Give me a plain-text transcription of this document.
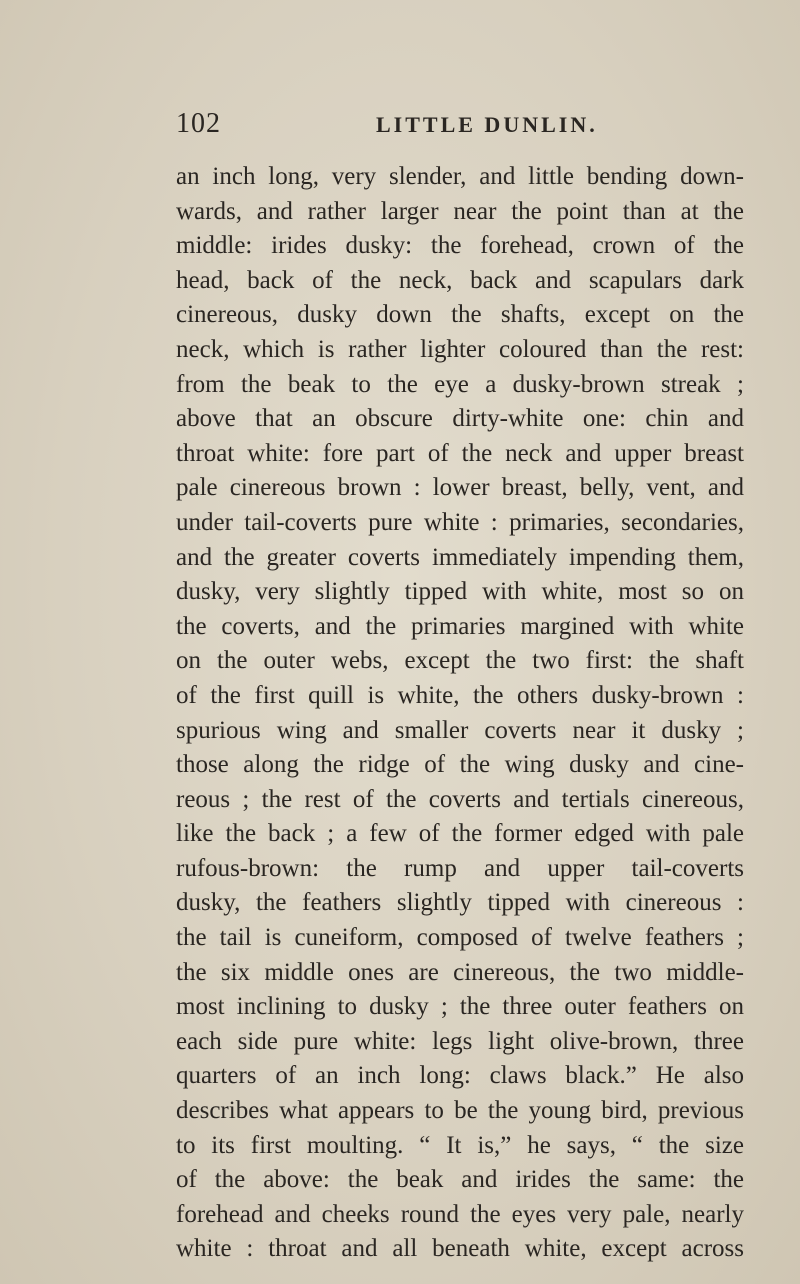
102	LITTLE DUNLIN.
an inch long, very slender, and little bending down-
wards, and rather larger near the point than at the
middle: irides dusky: the forehead, crown of the
head, back of the neck, back and scapulars dark
cinereous, dusky down the shafts, except on the
neck, which is rather lighter coloured than the rest:
from the beak to the eye a dusky-brown streak ;
above that an obscure dirty-white one: chin and
throat white: fore part of the neck and upper breast
pale cinereous brown : lower breast, belly, vent, and
under tail-coverts pure white : primaries, secondaries,
and the greater coverts immediately impending them,
dusky, very slightly tipped with white, most so on
the coverts, and the primaries margined with white
on the outer webs, except the two first: the shaft
of the first quill is white, the others dusky-brown :
spurious wing and smaller coverts near it dusky ;
those along the ridge of the wing dusky and cine-
reous ; the rest of the coverts and tertials cinereous,
like the back ; a few of the former edged with pale
rufous-brown: the rump and upper tail-coverts
dusky, the feathers slightly tipped with cinereous :
the tail is cuneiform, composed of twelve feathers ;
the six middle ones are cinereous, the two middle-
most inclining to dusky ; the three outer feathers on
each side pure white: legs light olive-brown, three
quarters of an inch long: claws black.” He also
describes what appears to be the young bird, previous
to its first moulting. “ It is,” he says, “ the size
of the above: the beak and irides the same: the
forehead and cheeks round the eyes very pale, nearly
white : throat and all beneath white, except across
